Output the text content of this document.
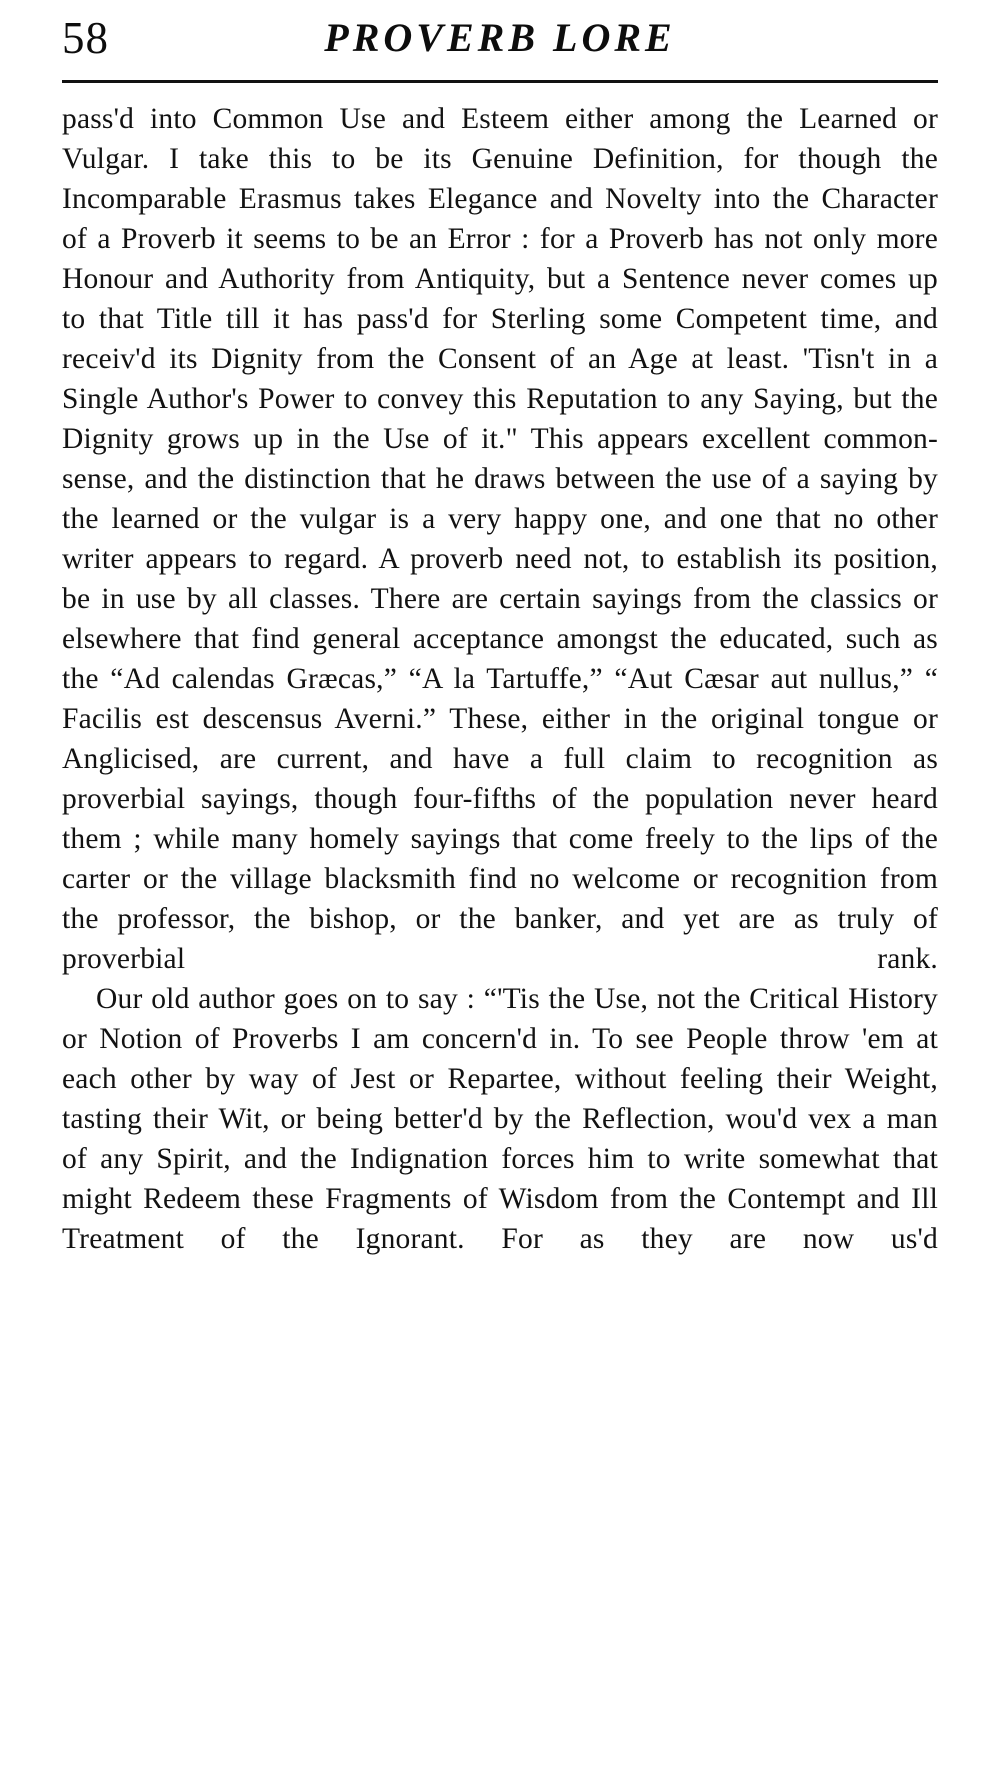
58	PROVERB LORE

pass'd into Common Use and Esteem either among the Learned or Vulgar. I take this to be its Genuine Definition, for though the Incomparable Erasmus takes Elegance and Novelty into the Character of a Proverb it seems to be an Error : for a Proverb has not only more Honour and Authority from Antiquity, but a Sentence never comes up to that Title till it has pass'd for Sterling some Competent time, and receiv'd its Dignity from the Consent of an Age at least. 'Tisn't in a Single Author's Power to convey this Reputation to any Saying, but the Dignity grows up in the Use of it." This appears excellent common-sense, and the distinction that he draws between the use of a saying by the learned or the vulgar is a very happy one, and one that no other writer appears to regard. A proverb need not, to establish its position, be in use by all classes. There are certain sayings from the classics or elsewhere that find general acceptance amongst the educated, such as the “Ad calendas Græcas,” “A la Tartuffe,” “Aut Cæsar aut nullus,” “ Facilis est descensus Averni.” These, either in the original tongue or Anglicised, are current, and have a full claim to recognition as proverbial sayings, though four-fifths of the population never heard them ; while many homely sayings that come freely to the lips of the carter or the village blacksmith find no welcome or recognition from the professor, the bishop, or the banker, and yet are as truly of proverbial rank.

Our old author goes on to say : “'Tis the Use, not the Critical History or Notion of Proverbs I am concern'd in. To see People throw 'em at each other by way of Jest or Repartee, without feeling their Weight, tasting their Wit, or being better'd by the Reflection, wou'd vex a man of any Spirit, and the Indignation forces him to write somewhat that might Redeem these Fragments of Wisdom from the Contempt and Ill Treatment of the Ignorant. For as they are now us'd
